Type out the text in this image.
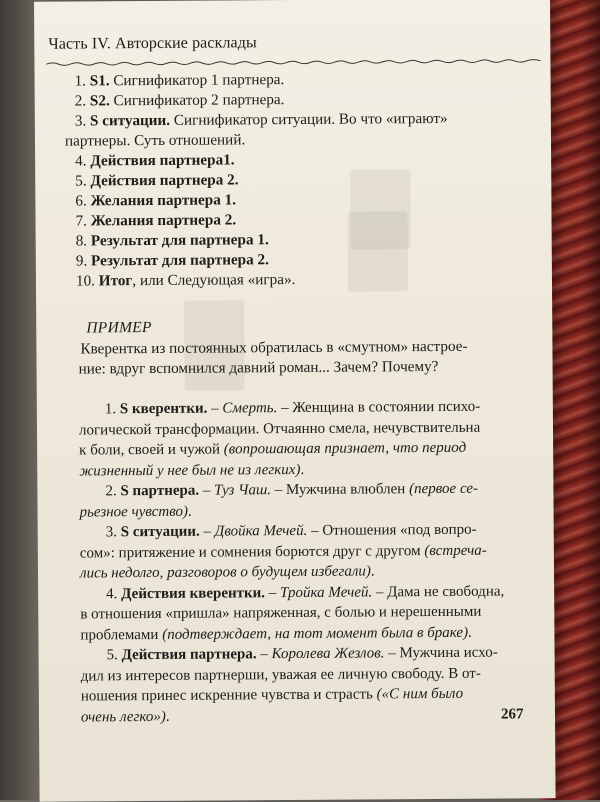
Часть IV. Авторские расклады
1. S1. Сигнификатор 1 партнера.
2. S2. Сигнификатор 2 партнера.
3. S ситуации. Сигнификатор ситуации. Во что «играют»
партнеры. Суть отношений.
4. Действия партнера1.
5. Действия партнера 2.
6. Желания партнера 1.
7. Желания партнера 2.
8. Результат для партнера 1.
9. Результат для партнера 2.
10. Итог, или Следующая «игра».
ПРИМЕР
Кверентка из постоянных обратилась в «смутном» настрое-
ние: вдруг вспомнился давний роман... Зачем? Почему?
1. S кверентки. – Смерть. – Женщина в состоянии психо-
логической трансформации. Отчаянно смела, нечувствительна
к боли, своей и чужой (вопрошающая признает, что период
жизненный у нее был не из легких).
2. S партнера. – Туз Чаш. – Мужчина влюблен (первое се-
рьезное чувство).
3. S ситуации. – Двойка Мечей. – Отношения «под вопро-
сом»: притяжение и сомнения борются друг с другом (встреча-
лись недолго, разговоров о будущем избегали).
4. Действия кверентки. – Тройка Мечей. – Дама не свободна,
в отношения «пришла» напряженная, с болью и нерешенными
проблемами (подтверждает, на тот момент была в браке).
5. Действия партнера. – Королева Жезлов. – Мужчина исхо-
дил из интересов партнерши, уважая ее личную свободу. В от-
ношения принес искренние чувства и страсть («С ним было
очень легко»).	267
